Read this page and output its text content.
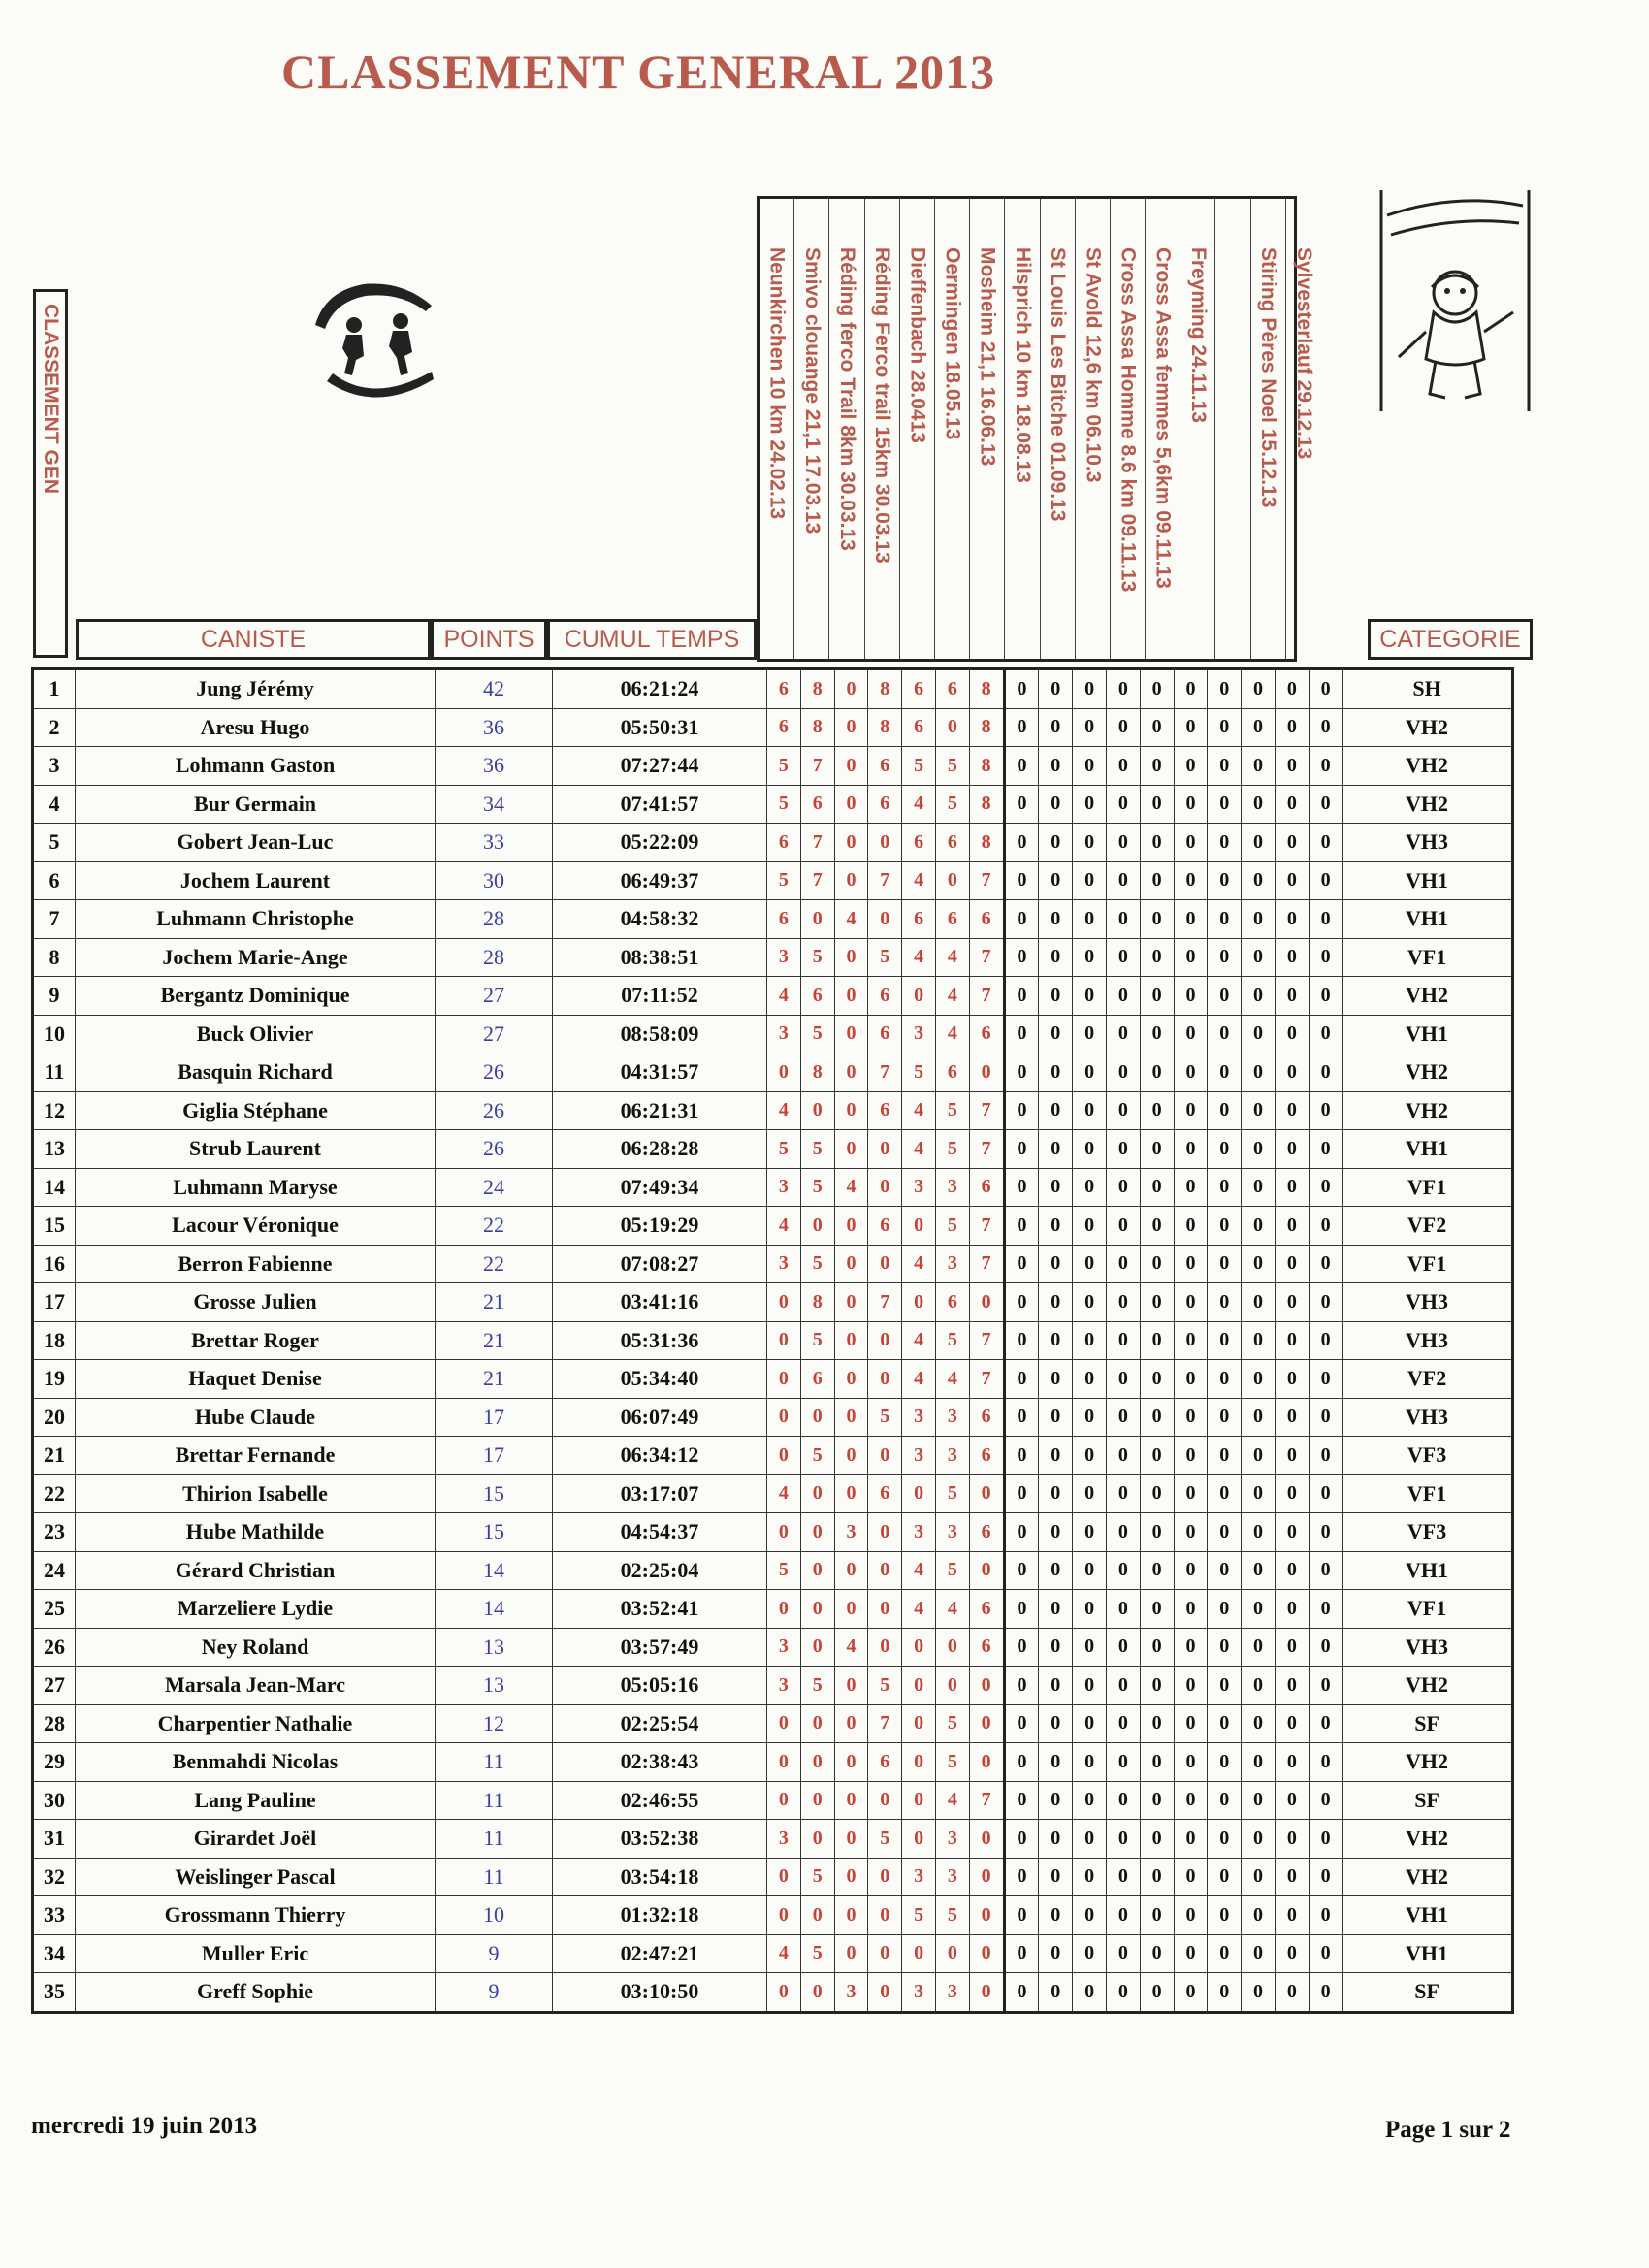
CLASSEMENT GENERAL 2013
CLASSEMENT GEN	Neunkirchen 10 km 24.02.13 Smivo clouange 21,1 17.03.13 Réding ferco Trail 8km 30.03.13 Réding Ferco trail 15km 30.03.13 Dieffenbach 28.0413 Oermingen 18.05.13 Mosheim 21,1 16.06.13 Hilsprich 10 km 18.08.13 St Louis Les Bitche 01.09.13 St Avold 12,6 km 06.10.3 Cross Assa Homme 8.6 km 09.11.13 Cross Assa femmes 5,6km 09.11.13 Freyming 24.11.13 Stiring Pères Noel 15.12.13 Sylvesterlauf 29.12.13
CANISTE	POINTS	CUMUL TEMPS	CATEGORIE
1	Jung Jérémy	42	06:21:24	6	8	0	8	6	6	8	0	0	0	0	0	0	0	0	0	0	SH
2	Aresu Hugo	36	05:50:31	6	8	0	8	6	0	8	0	0	0	0	0	0	0	0	0	0	VH2
3	Lohmann Gaston	36	07:27:44	5	7	0	6	5	5	8	0	0	0	0	0	0	0	0	0	0	VH2
4	Bur Germain	34	07:41:57	5	6	0	6	4	5	8	0	0	0	0	0	0	0	0	0	0	VH2
5	Gobert Jean-Luc	33	05:22:09	6	7	0	0	6	6	8	0	0	0	0	0	0	0	0	0	0	VH3
6	Jochem Laurent	30	06:49:37	5	7	0	7	4	0	7	0	0	0	0	0	0	0	0	0	0	VH1
7	Luhmann Christophe	28	04:58:32	6	0	4	0	6	6	6	0	0	0	0	0	0	0	0	0	0	VH1
8	Jochem Marie-Ange	28	08:38:51	3	5	0	5	4	4	7	0	0	0	0	0	0	0	0	0	0	VF1
9	Bergantz Dominique	27	07:11:52	4	6	0	6	0	4	7	0	0	0	0	0	0	0	0	0	0	VH2
10	Buck Olivier	27	08:58:09	3	5	0	6	3	4	6	0	0	0	0	0	0	0	0	0	0	VH1
11	Basquin Richard	26	04:31:57	0	8	0	7	5	6	0	0	0	0	0	0	0	0	0	0	0	VH2
12	Giglia Stéphane	26	06:21:31	4	0	0	6	4	5	7	0	0	0	0	0	0	0	0	0	0	VH2
13	Strub Laurent	26	06:28:28	5	5	0	0	4	5	7	0	0	0	0	0	0	0	0	0	0	VH1
14	Luhmann Maryse	24	07:49:34	3	5	4	0	3	3	6	0	0	0	0	0	0	0	0	0	0	VF1
15	Lacour Véronique	22	05:19:29	4	0	0	6	0	5	7	0	0	0	0	0	0	0	0	0	0	VF2
16	Berron Fabienne	22	07:08:27	3	5	0	0	4	3	7	0	0	0	0	0	0	0	0	0	0	VF1
17	Grosse Julien	21	03:41:16	0	8	0	7	0	6	0	0	0	0	0	0	0	0	0	0	0	VH3
18	Brettar Roger	21	05:31:36	0	5	0	0	4	5	7	0	0	0	0	0	0	0	0	0	0	VH3
19	Haquet Denise	21	05:34:40	0	6	0	0	4	4	7	0	0	0	0	0	0	0	0	0	0	VF2
20	Hube Claude	17	06:07:49	0	0	0	5	3	3	6	0	0	0	0	0	0	0	0	0	0	VH3
21	Brettar Fernande	17	06:34:12	0	5	0	0	3	3	6	0	0	0	0	0	0	0	0	0	0	VF3
22	Thirion Isabelle	15	03:17:07	4	0	0	6	0	5	0	0	0	0	0	0	0	0	0	0	0	VF1
23	Hube Mathilde	15	04:54:37	0	0	3	0	3	3	6	0	0	0	0	0	0	0	0	0	0	VF3
24	Gérard Christian	14	02:25:04	5	0	0	0	4	5	0	0	0	0	0	0	0	0	0	0	0	VH1
25	Marzeliere Lydie	14	03:52:41	0	0	0	0	4	4	6	0	0	0	0	0	0	0	0	0	0	VF1
26	Ney Roland	13	03:57:49	3	0	4	0	0	0	6	0	0	0	0	0	0	0	0	0	0	VH3
27	Marsala Jean-Marc	13	05:05:16	3	5	0	5	0	0	0	0	0	0	0	0	0	0	0	0	0	VH2
28	Charpentier Nathalie	12	02:25:54	0	0	0	7	0	5	0	0	0	0	0	0	0	0	0	0	0	SF
29	Benmahdi Nicolas	11	02:38:43	0	0	0	6	0	5	0	0	0	0	0	0	0	0	0	0	0	VH2
30	Lang Pauline	11	02:46:55	0	0	0	0	0	4	7	0	0	0	0	0	0	0	0	0	0	SF
31	Girardet Joël	11	03:52:38	3	0	0	5	0	3	0	0	0	0	0	0	0	0	0	0	0	VH2
32	Weislinger Pascal	11	03:54:18	0	5	0	0	3	3	0	0	0	0	0	0	0	0	0	0	0	VH2
33	Grossmann Thierry	10	01:32:18	0	0	0	0	5	5	0	0	0	0	0	0	0	0	0	0	0	VH1
34	Muller Eric	9	02:47:21	4	5	0	0	0	0	0	0	0	0	0	0	0	0	0	0	0	VH1
35	Greff Sophie	9	03:10:50	0	0	3	0	3	3	0	0	0	0	0	0	0	0	0	0	0	SF
mercredi 19 juin 2013	Page 1 sur 2
